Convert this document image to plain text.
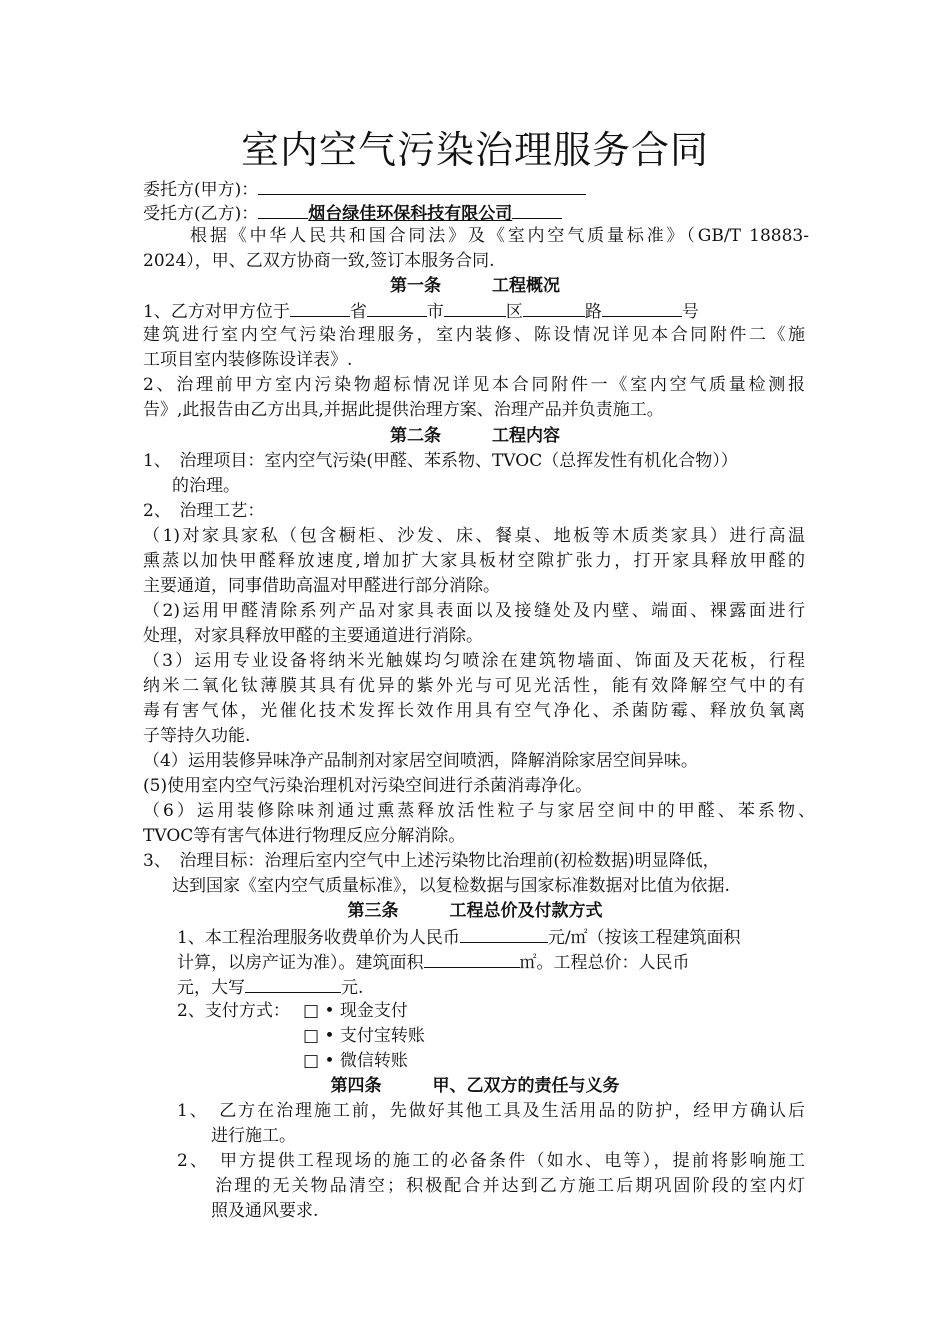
室内空气污染治理服务合同
委托方(甲方)：
受托方(乙方)：	烟台绿佳环保科技有限公司
根据《中华人民共和国合同法》及《室内空气质量标准》（GB/T 18883-
2024），甲、乙双方协商一致,签订本服务合同.
第一条　　　工程概况
1、乙方对甲方位于	省	市	区	路	号
建筑进行室内空气污染治理服务，室内装修、陈设情况详见本合同附件二《施
工项目室内装修陈设详表》.
2、治理前甲方室内污染物超标情况详见本合同附件一《室内空气质量检测报
告》,此报告由乙方出具,并据此提供治理方案、治理产品并负责施工。
第二条　　　工程内容
1、　治理项目：室内空气污染(甲醛、苯系物、TVOC（总挥发性有机化合物））
　的治理。
2、　治理工艺：
（1)对家具家私（包含橱柜、沙发、床、餐桌、地板等木质类家具）进行高温
熏蒸以加快甲醛释放速度,增加扩大家具板材空隙扩张力，打开家具释放甲醛的
主要通道，同事借助高温对甲醛进行部分消除。
（2)运用甲醛清除系列产品对家具表面以及接缝处及内壁、端面、裸露面进行
处理，对家具释放甲醛的主要通道进行消除。
（3）运用专业设备将纳米光触媒均匀喷涂在建筑物墙面、饰面及天花板，行程
纳米二氧化钛薄膜其具有优异的紫外光与可见光活性，能有效降解空气中的有
毒有害气体，光催化技术发挥长效作用具有空气净化、杀菌防霉、释放负氧离
子等持久功能.
（4）运用装修异味净产品制剂对家居空间喷洒，降解消除家居空间异味。
(5)使用室内空气污染治理机对污染空间进行杀菌消毒净化。
（6）运用装修除味剂通过熏蒸释放活性粒子与家居空间中的甲醛、苯系物、
TVOC等有害气体进行物理反应分解消除。
3、　治理目标：治理后室内空气中上述污染物比治理前(初检数据)明显降低，
　达到国家《室内空气质量标准》，以复检数据与国家标准数据对比值为依据.
第三条　　　工程总价及付款方式
1、本工程治理服务收费单价为人民币	元/㎡（按该工程建筑面积
计算，以房产证为准）。建筑面积	㎡。工程总价：人民币
元，大写	元.
2、支付方式： □ • 现金支付
□ • 支付宝转账
□ • 微信转账
第四条　　　甲、乙双方的责任与义务
1、　乙方在治理施工前，先做好其他工具及生活用品的防护，经甲方确认后
　　进行施工。
2、　甲方提供工程现场的施工的必备条件（如水、电等），提前将影响施工
　　治理的无关物品清空；积极配合并达到乙方施工后期巩固阶段的室内灯
　　照及通风要求.
